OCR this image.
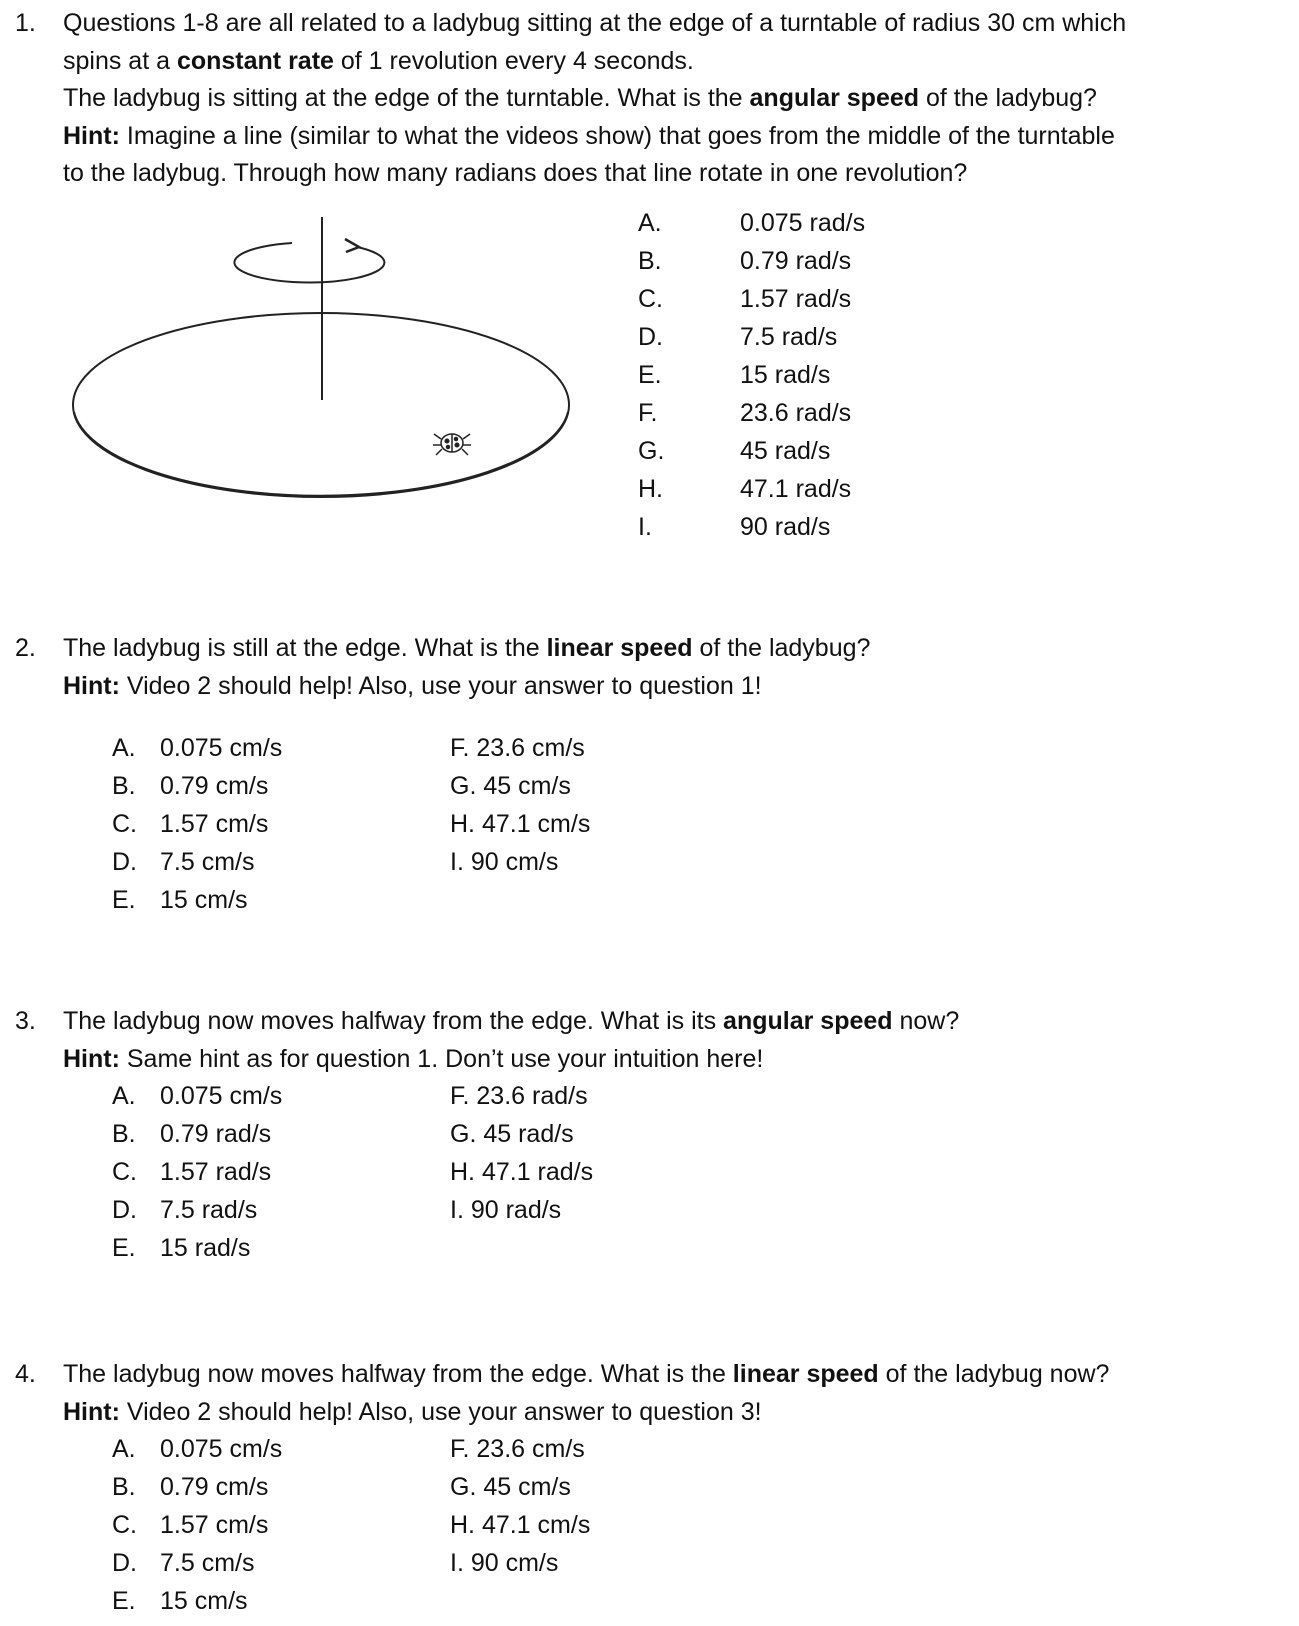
1. Questions 1-8 are all related to a ladybug sitting at the edge of a turntable of radius 30 cm which
spins at a constant rate of 1 revolution every 4 seconds.
The ladybug is sitting at the edge of the turntable. What is the angular speed of the ladybug?
Hint: Imagine a line (similar to what the videos show) that goes from the middle of the turntable
to the ladybug. Through how many radians does that line rotate in one revolution?
A.	0.075 rad/s
B.	0.79 rad/s
C.	1.57 rad/s
D.	7.5 rad/s
E.	15 rad/s
F.	23.6 rad/s
G.	45 rad/s
H.	47.1 rad/s
I.	90 rad/s
2. The ladybug is still at the edge. What is the linear speed of the ladybug?
Hint: Video 2 should help! Also, use your answer to question 1!
A. 0.075 cm/s
B. 0.79 cm/s
C. 1.57 cm/s
D. 7.5 cm/s
E. 15 cm/s
F. 23.6 cm/s
G. 45 cm/s
H. 47.1 cm/s
I. 90 cm/s
3. The ladybug now moves halfway from the edge. What is its angular speed now?
Hint: Same hint as for question 1. Don’t use your intuition here!
A. 0.075 cm/s
B. 0.79 rad/s
C. 1.57 rad/s
D. 7.5 rad/s
E. 15 rad/s
F. 23.6 rad/s
G. 45 rad/s
H. 47.1 rad/s
I. 90 rad/s
4. The ladybug now moves halfway from the edge. What is the linear speed of the ladybug now?
Hint: Video 2 should help! Also, use your answer to question 3!
A. 0.075 cm/s
B. 0.79 cm/s
C. 1.57 cm/s
D. 7.5 cm/s
E. 15 cm/s
F. 23.6 cm/s
G. 45 cm/s
H. 47.1 cm/s
I. 90 cm/s
